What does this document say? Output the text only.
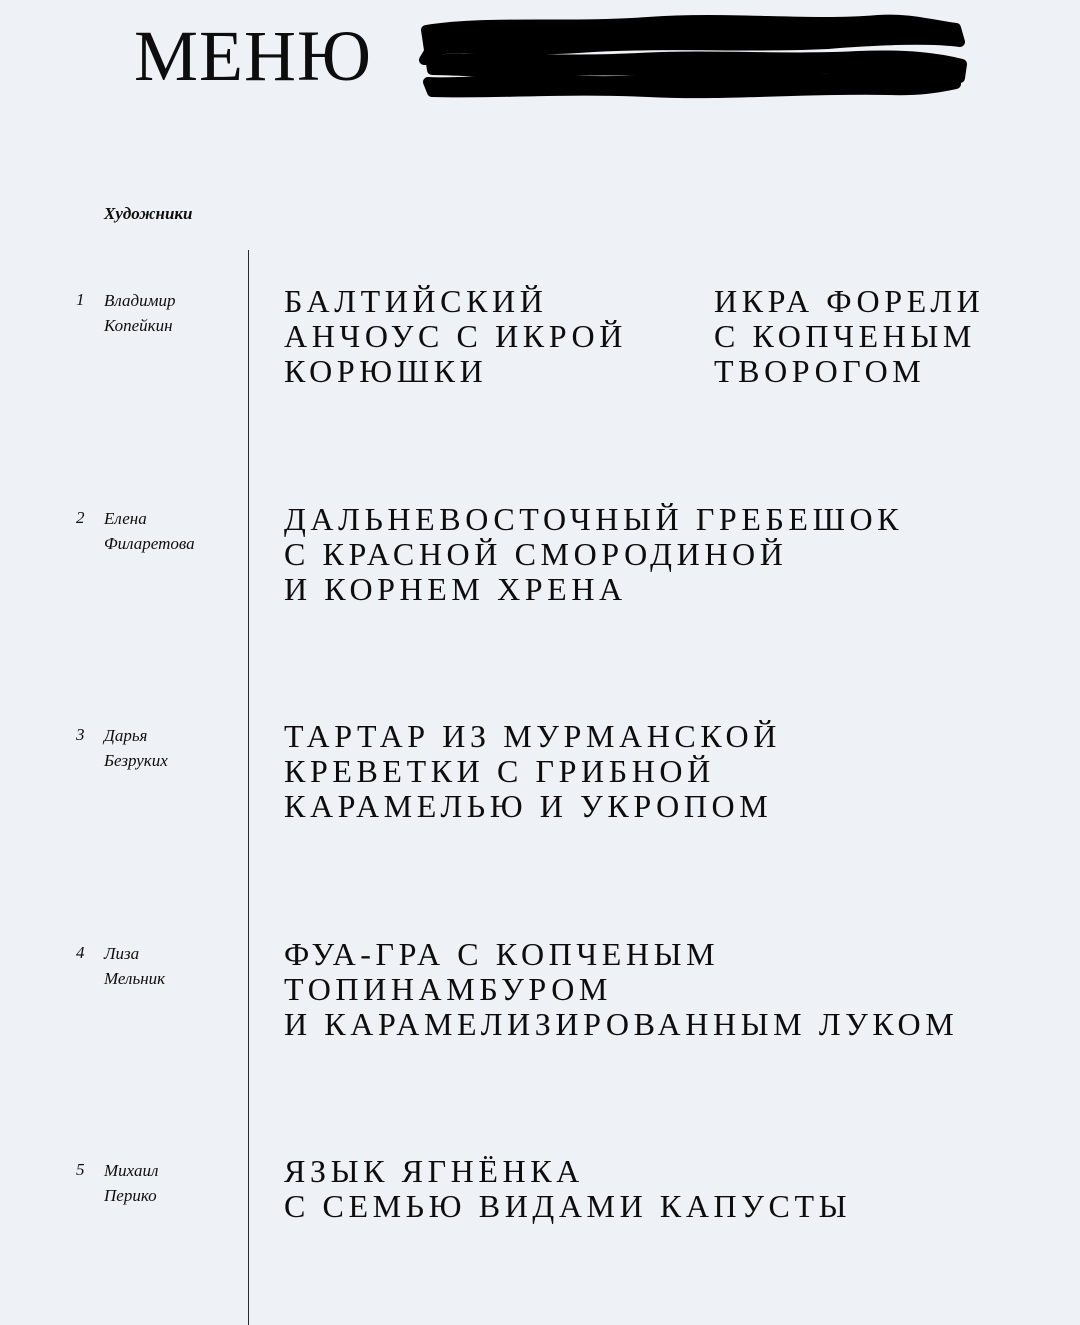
МЕНЮ
Художники
1 Владимир
Копейкин
БАЛТИЙСКИЙ
АНЧОУС С ИКРОЙ
КОРЮШКИ
ИКРА ФОРЕЛИ
С КОПЧЕНЫМ
ТВОРОГОМ
2 Елена
Филаретова
ДАЛЬНЕВОСТОЧНЫЙ ГРЕБЕШОК
С КРАСНОЙ СМОРОДИНОЙ
И КОРНЕМ ХРЕНА
3 Дарья
Безруких
ТАРТАР ИЗ МУРМАНСКОЙ
КРЕВЕТКИ С ГРИБНОЙ
КАРАМЕЛЬЮ И УКРОПОМ
4 Лиза
Мельник
ФУА-ГРА С КОПЧЕНЫМ
ТОПИНАМБУРОМ
И КАРАМЕЛИЗИРОВАННЫМ ЛУКОМ
5 Михаил
Перико
ЯЗЫК ЯГНЁНКА
С СЕМЬЮ ВИДАМИ КАПУСТЫ
